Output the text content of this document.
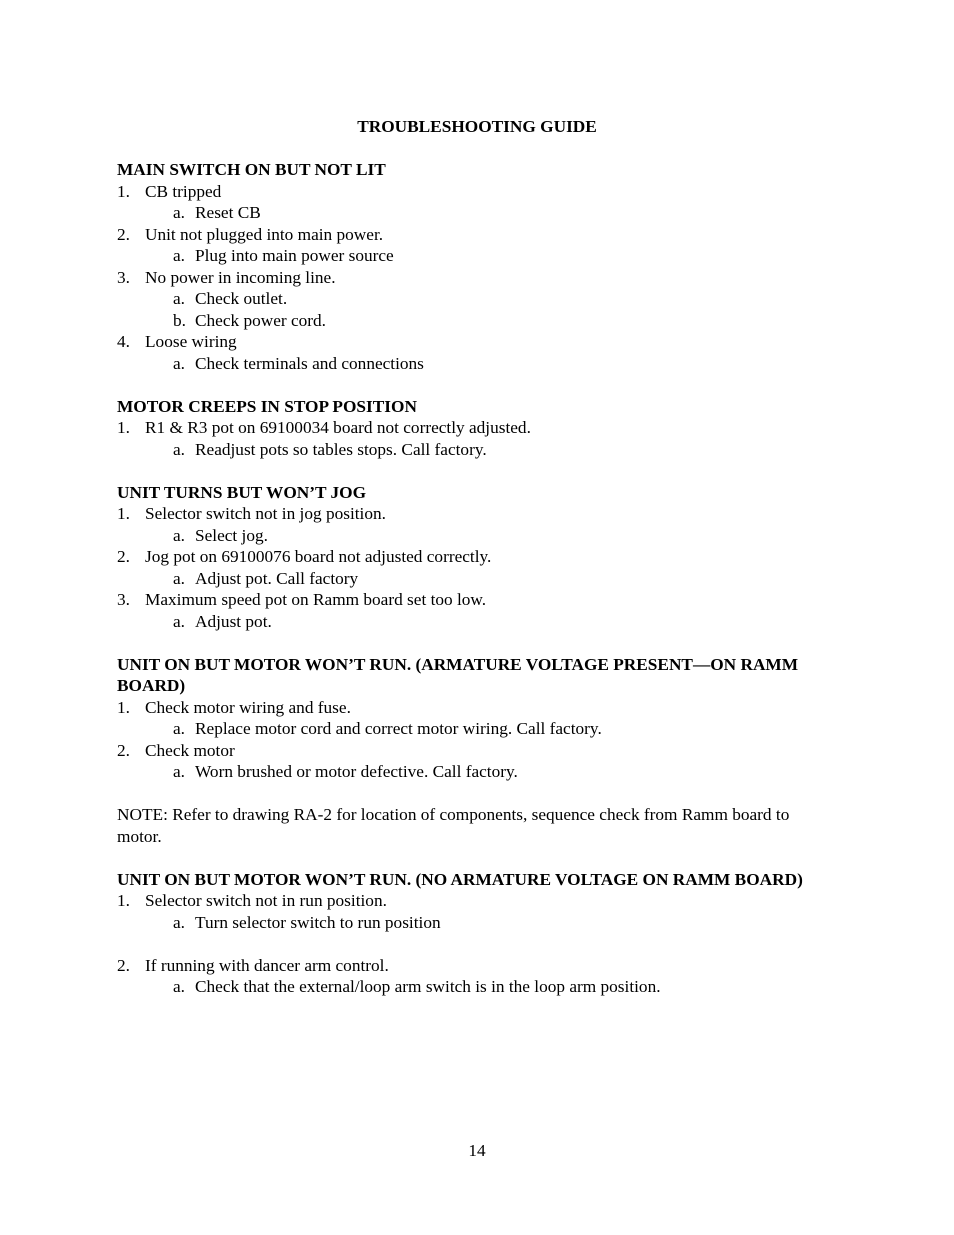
TROUBLESHOOTING GUIDE
MAIN SWITCH ON BUT NOT LIT
1. CB tripped
a. Reset CB
2. Unit not plugged into main power.
a. Plug into main power source
3. No power in incoming line.
a. Check outlet.
b. Check power cord.
4. Loose wiring
a. Check terminals and connections
MOTOR CREEPS IN STOP POSITION
1. R1 & R3 pot on 69100034 board not correctly adjusted.
a. Readjust pots so tables stops. Call factory.
UNIT TURNS BUT WON’T JOG
1. Selector switch not in jog position.
a. Select jog.
2. Jog pot on 69100076 board not adjusted correctly.
a. Adjust pot. Call factory
3. Maximum speed pot on Ramm board set too low.
a. Adjust pot.
UNIT ON BUT MOTOR WON’T RUN. (ARMATURE VOLTAGE PRESENT—ON RAMM BOARD)
1. Check motor wiring and fuse.
a. Replace motor cord and correct motor wiring. Call factory.
2. Check motor
a. Worn brushed or motor defective. Call factory.
NOTE: Refer to drawing RA-2 for location of components, sequence check from Ramm board to motor.
UNIT ON BUT MOTOR WON’T RUN. (NO ARMATURE VOLTAGE ON RAMM BOARD)
1. Selector switch not in run position.
a. Turn selector switch to run position
2. If running with dancer arm control.
a. Check that the external/loop arm switch is in the loop arm position.
14
